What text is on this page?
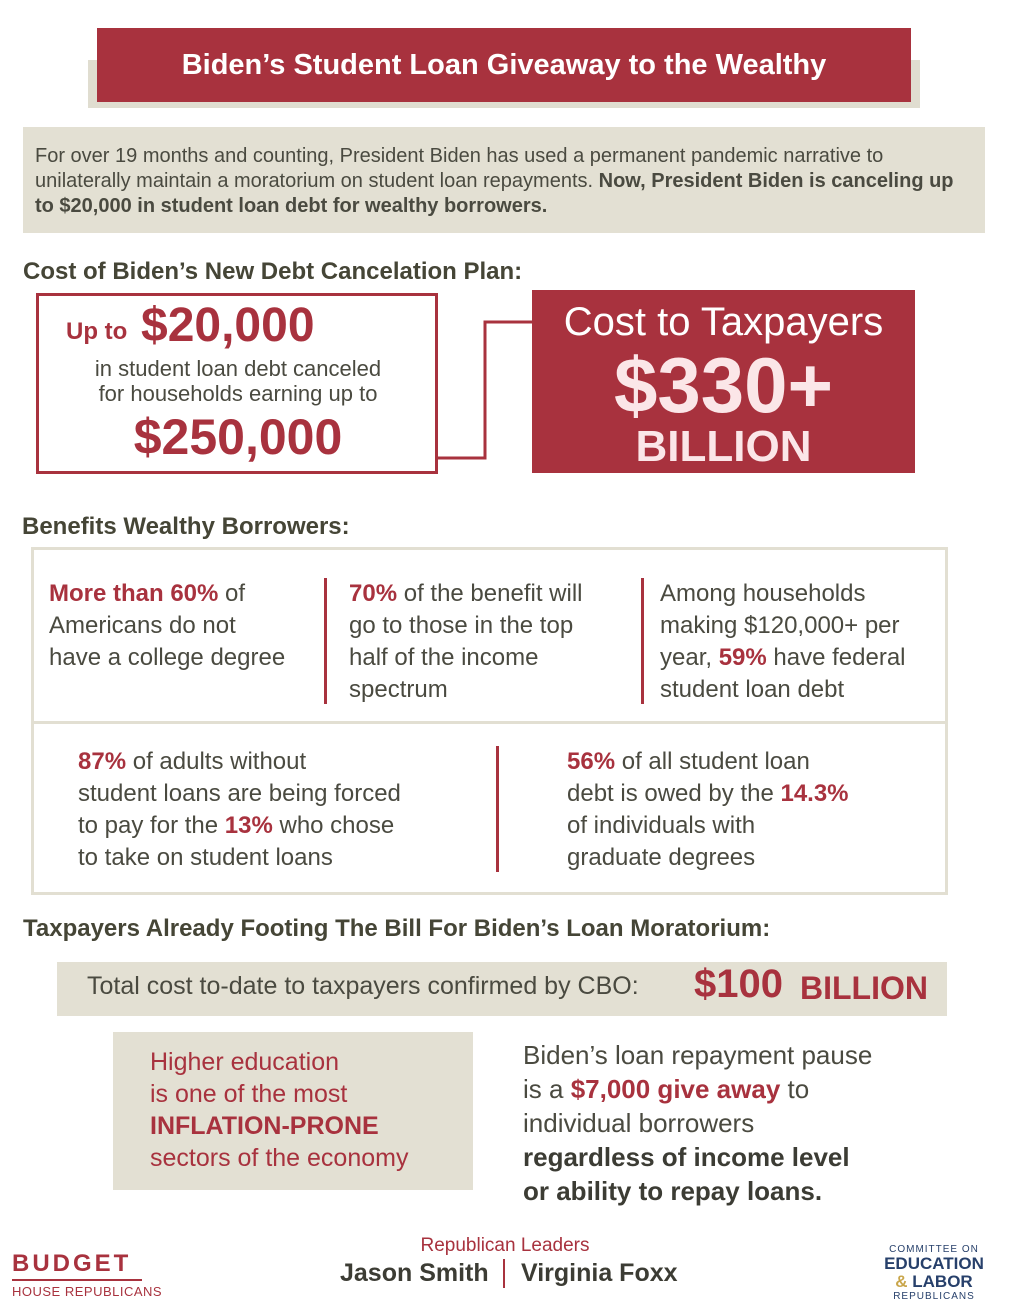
Biden’s Student Loan Giveaway to the Wealthy
For over 19 months and counting, President Biden has used a permanent pandemic narrative to unilaterally maintain a moratorium on student loan repayments. Now, President Biden is canceling up to $20,000 in student loan debt for wealthy borrowers.
Cost of Biden’s New Debt Cancelation Plan:
Up to $20,000
in student loan debt canceled
for households earning up to
$250,000
Cost to Taxpayers
$330+
BILLION
Benefits Wealthy Borrowers:
More than 60% of
Americans do not
have a college degree
70% of the benefit will
go to those in the top
half of the income
spectrum
Among households
making $120,000+ per
year, 59% have federal
student loan debt
87% of adults without
student loans are being forced
to pay for the 13% who chose
to take on student loans
56% of all student loan
debt is owed by the 14.3%
of individuals with
graduate degrees
Taxpayers Already Footing The Bill For Biden’s Loan Moratorium:
Total cost to-date to taxpayers confirmed by CBO: $100 BILLION
Higher education
is one of the most
INFLATION-PRONE
sectors of the economy
Biden’s loan repayment pause
is a $7,000 give away to
individual borrowers
regardless of income level
or ability to repay loans.
BUDGET
HOUSE REPUBLICANS
Republican Leaders
Jason Smith Virginia Foxx
COMMITTEE ON
EDUCATION
& LABOR
REPUBLICANS
